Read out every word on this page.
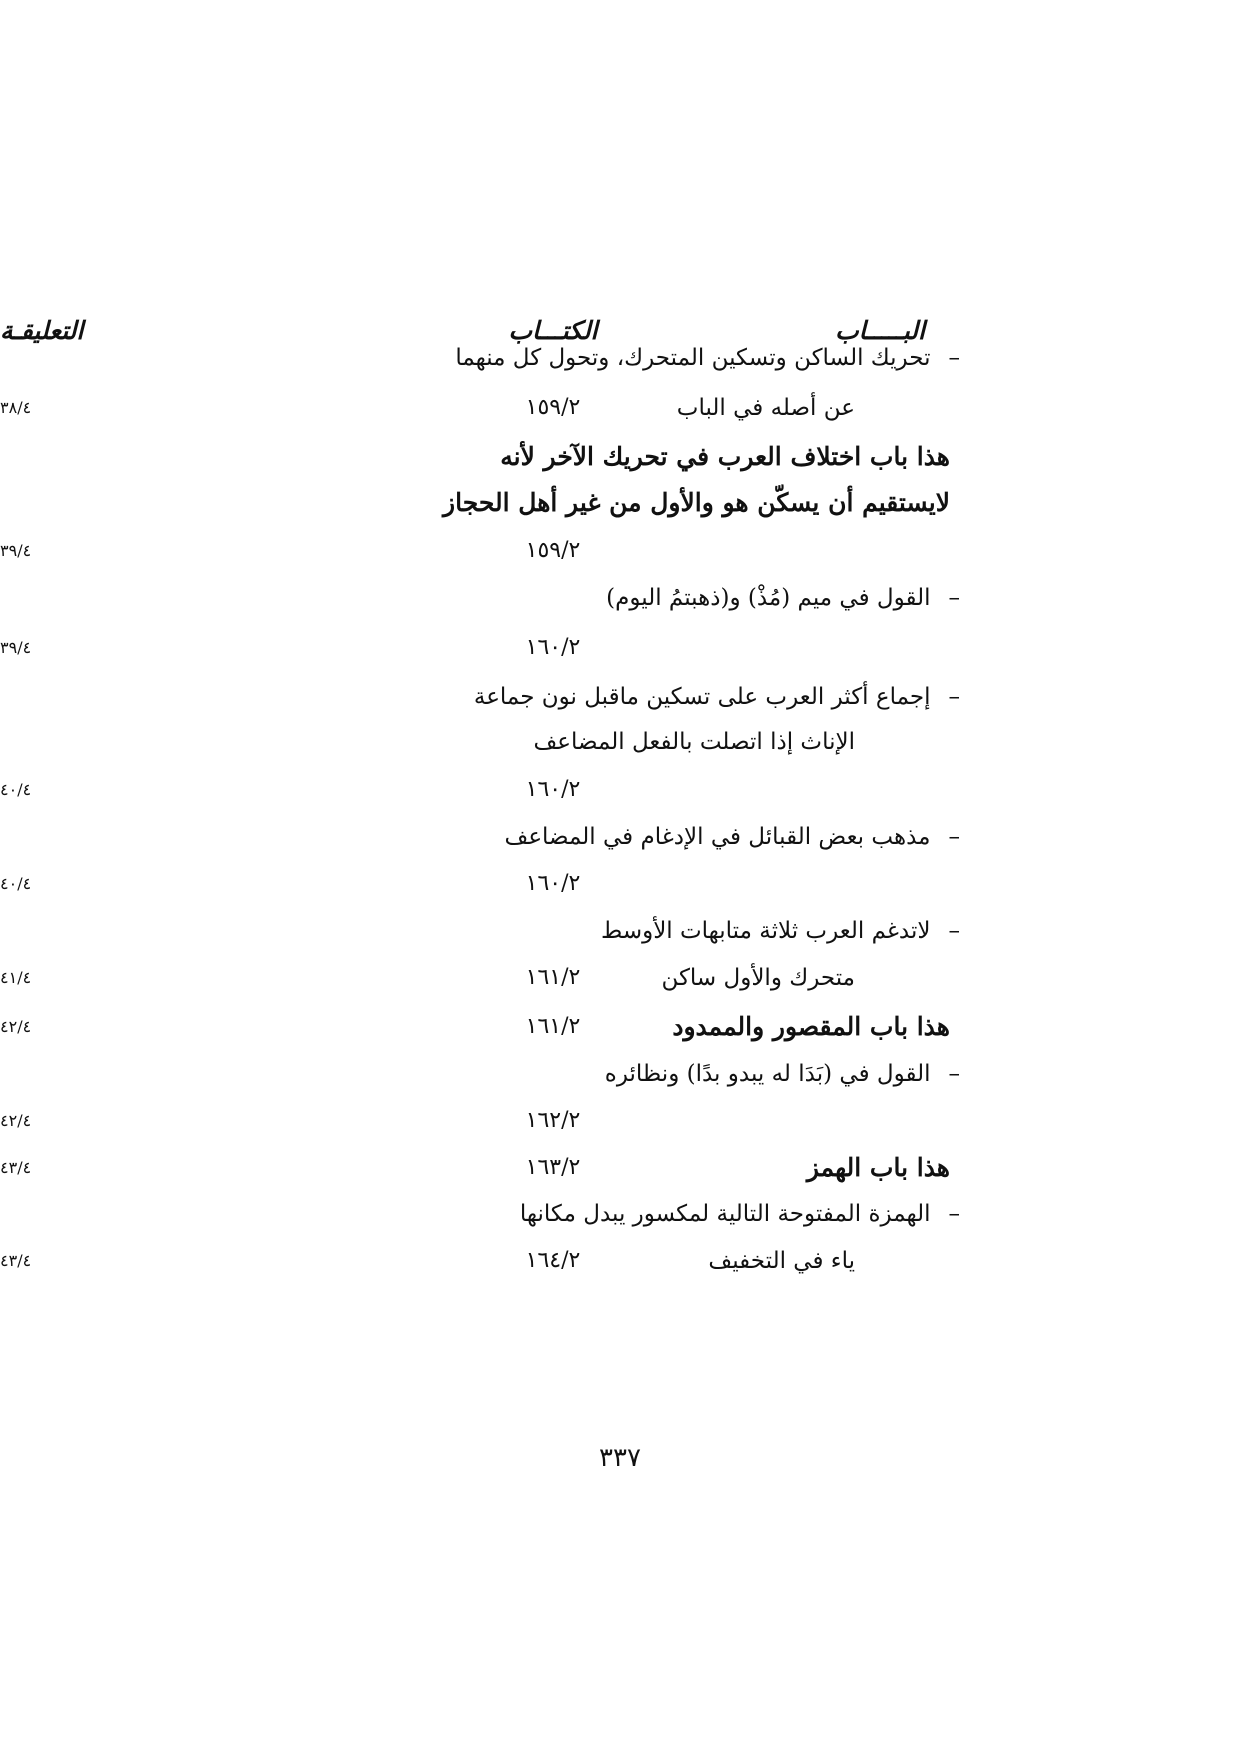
البـــــاب
الكتـــاب
التعليقـة
–تحريك الساكن وتسكين المتحرك، وتحول كل منهما
عن أصله في الباب
١٥٩/٢
٣٨/٤
هذا باب اختلاف العرب في تحريك الآخر لأنه
لايستقيم أن يسكّن هو والأول من غير أهل الحجاز
١٥٩/٢
٣٩/٤
–القول في ميم (مُذْ) و(ذهبتمُ اليوم)
١٦٠/٢
٣٩/٤
–إجماع أكثر العرب على تسكين ماقبل نون جماعة
الإناث إذا اتصلت بالفعل المضاعف
١٦٠/٢
٤٠/٤
–مذهب بعض القبائل في الإدغام في المضاعف
١٦٠/٢
٤٠/٤
–لاتدغم العرب ثلاثة متابهات الأوسط
متحرك والأول ساكن
١٦١/٢
٤١/٤
هذا باب المقصور والممدود
١٦١/٢
٤٢/٤
–القول في (بَدَا له يبدو بدًا) ونظائره
١٦٢/٢
٤٢/٤
هذا باب الهمز
١٦٣/٢
٤٣/٤
–الهمزة المفتوحة التالية لمكسور يبدل مكانها
ياء في التخفيف
١٦٤/٢
٤٣/٤
٣٣٧
